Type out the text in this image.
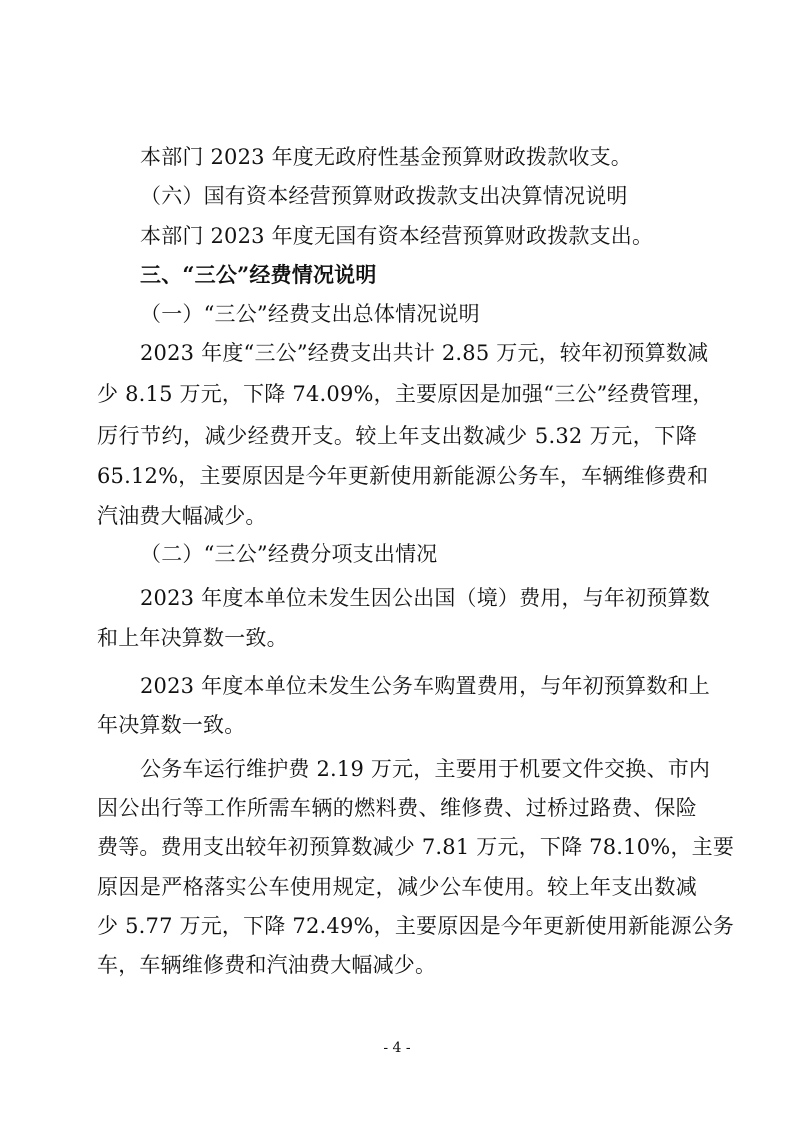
本部门 2023 年度无政府性基金预算财政拨款收支。
（六）国有资本经营预算财政拨款支出决算情况说明
本部门 2023 年度无国有资本经营预算财政拨款支出。
三、“三公”经费情况说明
（一）“三公”经费支出总体情况说明
2023 年度“三公”经费支出共计 2.85 万元，较年初预算数减
少 8.15 万元，下降 74.09%，主要原因是加强“三公”经费管理，
厉行节约，减少经费开支。较上年支出数减少 5.32 万元，下降
65.12%，主要原因是今年更新使用新能源公务车，车辆维修费和
汽油费大幅减少。
（二）“三公”经费分项支出情况
2023 年度本单位未发生因公出国（境）费用，与年初预算数
和上年决算数一致。
2023 年度本单位未发生公务车购置费用，与年初预算数和上
年决算数一致。
公务车运行维护费 2.19 万元，主要用于机要文件交换、市内
因公出行等工作所需车辆的燃料费、维修费、过桥过路费、保险
费等。费用支出较年初预算数减少 7.81 万元，下降 78.10%，主要
原因是严格落实公车使用规定，减少公车使用。较上年支出数减
少 5.77 万元，下降 72.49%，主要原因是今年更新使用新能源公务
车，车辆维修费和汽油费大幅减少。
- 4 -
